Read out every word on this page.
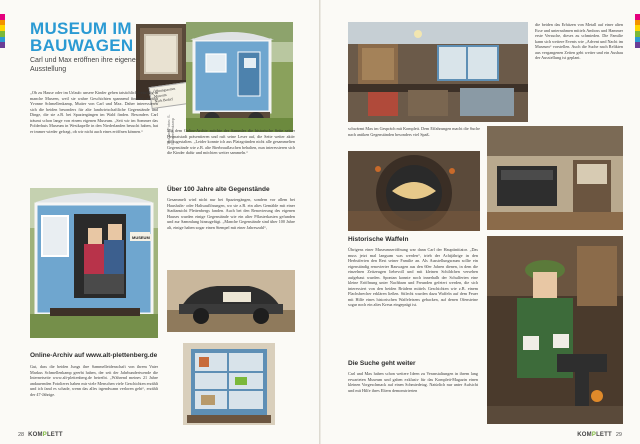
MUSEUM IM BAUWAGEN
Carl und Max eröffnen ihre eigene Ausstellung
Öffnungszeiten
Museum
Nach Bedarf
Text und Fotos: S. Schmellenkamp

„Ob zu Hause oder im Urlaub: unsere Kinder gehen tatsächlich freiwillig in manche Museen, weil sie wahre Geschichten spannend finden“, erzählt Yvonne Schmellenkamp, Mutter von Carl und Max. Daher interessieren sich die beiden besonders für alte landwirtschaftliche Gegenstände und Dinge, die sie z.B. bei Spaziergängen im Wald finden. Besonders Carl träumt schon lange von einem eigenen Museum. „Seit wir im Sommer das Polderhuis Museum in Westkapelle in den Niederlanden besucht haben, hat er immer wieder gefragt, ob wir nicht auch eines eröffnen können.“	Mit dem Onlinr-Archiv möchte der Sammler die historische Seite seiner Heimatstadt präsentieren und ruft seine Leser auf, die Seite weiter aktiv mitzugestalten. „Leider konnte ich aus Platzgründen nicht alle gesammelten Gegenstände wie z.B. alte Bierbrauflaschen behalten, nun interessieren sich die Kinder dafür und möchten weiter sammeln.“

Über 100 Jahre alte Gegenstände

Gesammelt wird nicht nur bei Spaziergängen, sondern vor allem bei Haushalts- oder Haltsauflösungen, wo sie z.B. ein altes Gemälde mit einer Stadtansicht Plettenbergs fanden. Auch bei den Renovierung des eigenen Hauses wurden einige Gegenstände wie ein alter Pflasterkasten gefunden und zur Sammlung hinzugefügt. „Manche Gegenstände sind über 100 Jahre alt, einige haben sogar einen Stempel mit einer Jahreszahl“,

MUSEUM
Online-Archiv auf www.alt-plettenberg.de

Gut, dass die beiden Jungs ihre Sammelleidenschaft von ihrem Vater Markus Schmellenkamp geerbt haben, der seit der Jahrhundertwende die Internetseite www.alt-plettenberg.de betreibt. „Während meines 21 Jahre andauernden Fotolieres haben mir viele Menschen viele Geschichten erzählt und ich fand es schade, wenn das alles irgendwann verloren geht“, erzählt der 47-Jährige.

28 KOMPLETT

die beiden das Erhitzen von Metall auf einer alten Esse und unternahmen mittels Amboss und Hammer erste Versuche, dieses zu schmieden. Die Familie kann sich weitere Events wie „Advent und Nacht im Museum“ vorstellen. Auch die Suche nach Relikten aus vergangenen Zeiten geht weiter und ein Ausbau der Ausstellung ist geplant.

schwärmt Max im Gespräch mit Komplett. Dem Effahrungen macht die Suche nach antiken Gegenständen besonders viel Spaß.

Historische Waffeln

Übrigens einer Museumseröffnung war dann Carl der Hauptinitiator. „Das muss jetzt mal langsam was werden“, trieb der Achtjährige in den Herbstferien den Rest seiner Familie an. Als Ausstellungsraum sollte ein eigenständig renovierter Bauwagen aus den 60er Jahren dienen, in dem die einzelnen Zeitzeugen liebevoll und mit kleinen Schildchen versehen aufgebaut wurden. Spontan konnte noch innerhalb der Schulferien eine kleine Eröffnung unter Nachbarn und Freunden gefeiert werden, die sich interessiert von den beiden Brüdern mittels Geschichten wie z.B. einem Flachsbrecher erklären ließen. Stilecht wurden dazu Waffeln auf dem Feuer mit Hilfe eines historischen Waffeleisens gebacken, auf denen Ofensteine sogar noch ein altes Kreuz eingeprägt ist.

Die Suche geht weiter

Carl und Max haben schon weitere Ideen zu Veranstaltungen in ihrem lang erwarteten Museum und gaben exklusiv für das Komplett-Magazin einen kleinen Vorgeschmack auf einen Schmiedetag. Natürlich nur unter Aufsicht und mit Hilfe ihres Eltern demonstrierten

KOMPLETT 29
